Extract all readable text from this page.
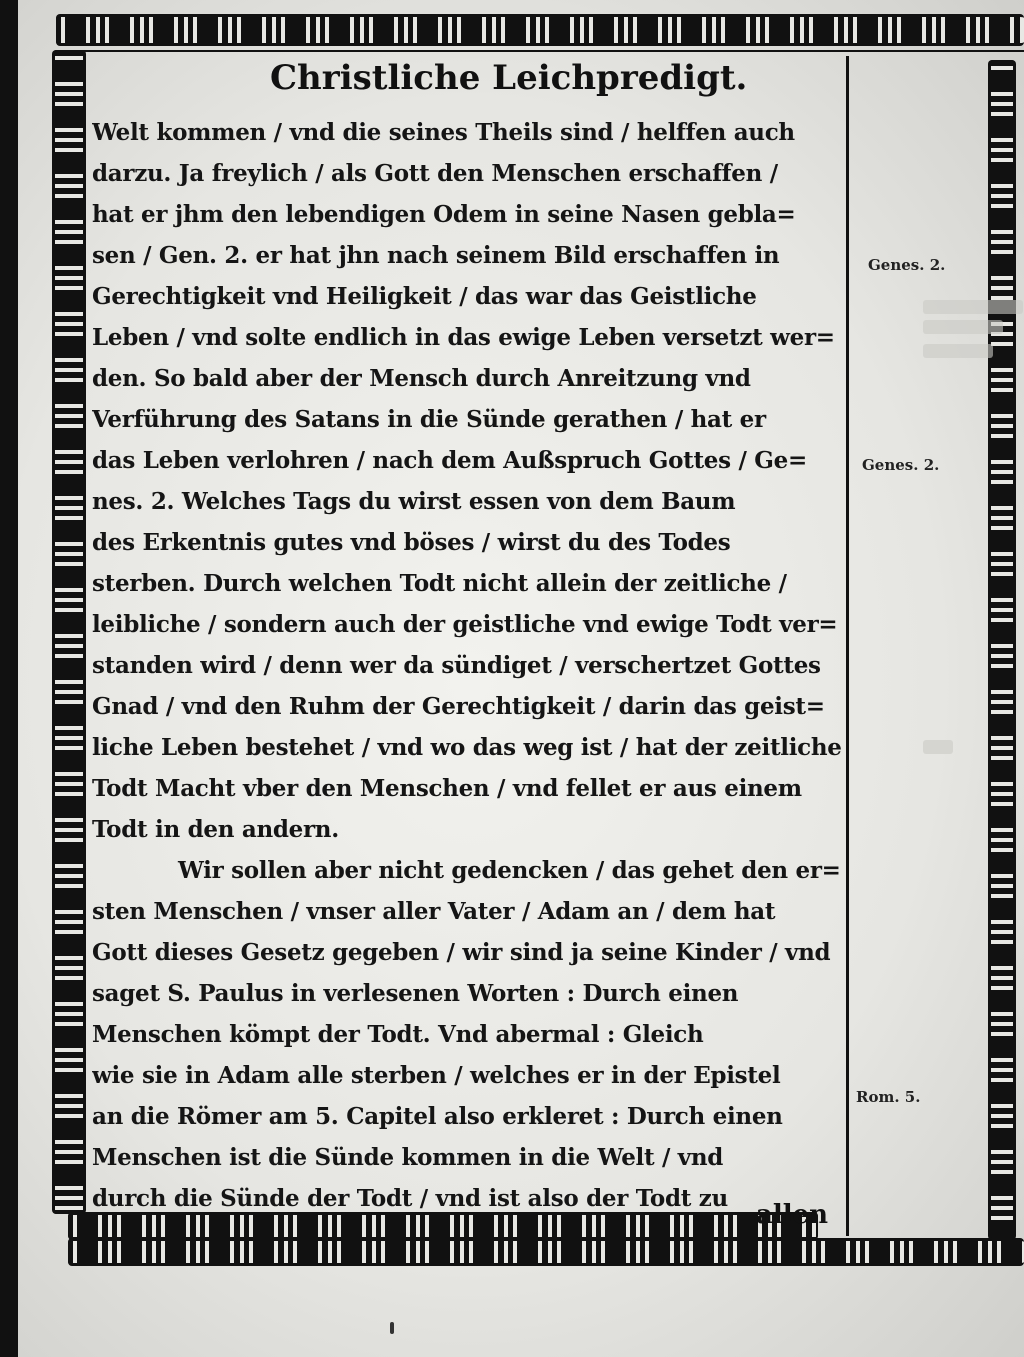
Christliche Leichpredigt.
Welt kommen / vnd die seines Theils sind / helffen auch
darzu. Ja freylich / als Gott den Menschen erschaffen /
hat er jhm den lebendigen Odem in seine Nasen gebla=
sen / Gen. 2. er hat jhn nach seinem Bild erschaffen in
Gerechtigkeit vnd Heiligkeit / das war das Geistliche
Leben / vnd solte endlich in das ewige Leben versetzt wer=
den. So bald aber der Mensch durch Anreitzung vnd
Verführung des Satans in die Sünde gerathen / hat er
das Leben verlohren / nach dem Außspruch Gottes / Ge=
nes. 2. Welches Tags du wirst essen von dem Baum
des Erkentnis gutes vnd böses / wirst du des Todes
sterben. Durch welchen Todt nicht allein der zeitliche /
leibliche / sondern auch der geistliche vnd ewige Todt ver=
standen wird / denn wer da sündiget / verschertzet Gottes
Gnad / vnd den Ruhm der Gerechtigkeit / darin das geist=
liche Leben bestehet / vnd wo das weg ist / hat der zeitliche
Todt Macht vber den Menschen / vnd fellet er aus einem
Todt in den andern.
Wir sollen aber nicht gedencken / das gehet den er=
sten Menschen / vnser aller Vater / Adam an / dem hat
Gott dieses Gesetz gegeben / wir sind ja seine Kinder / vnd
saget S. Paulus in verlesenen Worten : Durch einen
Menschen kömpt der Todt. Vnd abermal : Gleich
wie sie in Adam alle sterben / welches er in der Epistel
an die Römer am 5. Capitel also erkleret : Durch einen
Menschen ist die Sünde kommen in die Welt / vnd
durch die Sünde der Todt / vnd ist also der Todt zu
allen
Genes. 2.
Genes. 2.
Rom. 5.
